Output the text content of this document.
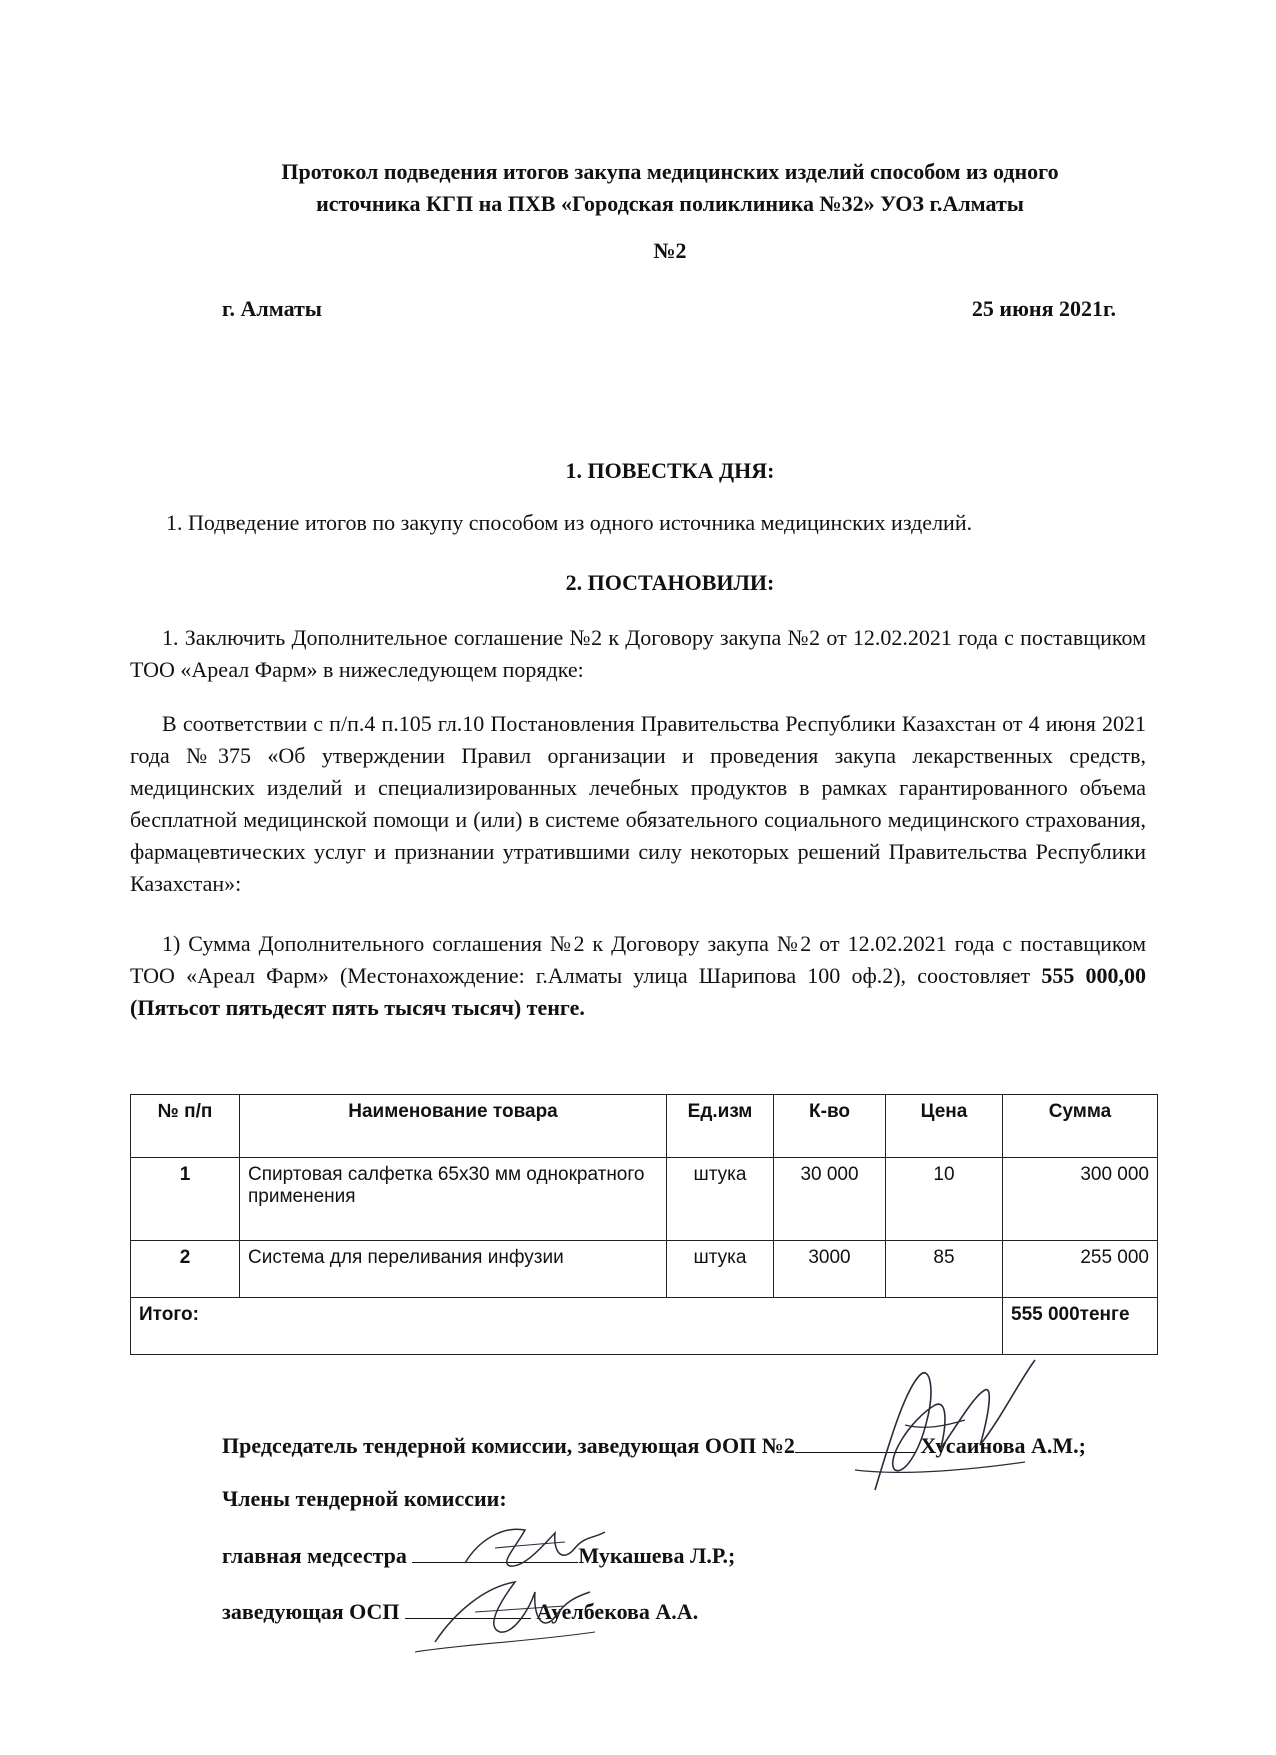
Протокол подведения итогов закупа медицинских изделий способом из одного
источника КГП на ПХВ «Городская поликлиника №32» УОЗ г.Алматы
№2
г. Алматы	25 июня 2021г.
1. ПОВЕСТКА ДНЯ:
1. Подведение итогов по закупу способом из одного источника медицинских изделий.
2. ПОСТАНОВИЛИ:
1. Заключить Дополнительное соглашение №2 к Договору закупа №2 от 12.02.2021 года с поставщиком ТОО «Ареал Фарм» в нижеследующем порядке:
В соответствии с п/п.4 п.105 гл.10 Постановления Правительства Республики Казахстан от 4 июня 2021 года №375 «Об утверждении Правил организации и проведения закупа лекарственных средств, медицинских изделий и специализированных лечебных продуктов в рамках гарантированного объема бесплатной медицинской помощи и (или) в системе обязательного социального медицинского страхования, фармацевтических услуг и признании утратившими силу некоторых решений Правительства Республики Казахстан»:
1) Сумма Дополнительного соглашения №2 к Договору закупа №2 от 12.02.2021 года с поставщиком ТОО «Ареал Фарм» (Местонахождение: г.Алматы улица Шарипова 100 оф.2), соостовляет 555 000,00 (Пятьсот пятьдесят пять тысяч тысяч) тенге.
№ п/п	Наименование товара	Ед.изм	К-во	Цена	Сумма
1	Спиртовая салфетка 65х30 мм однократного применения	штука	30 000	10	300 000
2	Система для переливания инфузии	штука	3000	85	255 000
Итого:					555 000тенге
Председатель тендерной комиссии, заведующая ООП №2	Хусаинова А.М.;
Члены тендерной комиссии:
главная медсестра	Мукашева Л.Р.;
заведующая ОСП	Ауелбекова А.А.
